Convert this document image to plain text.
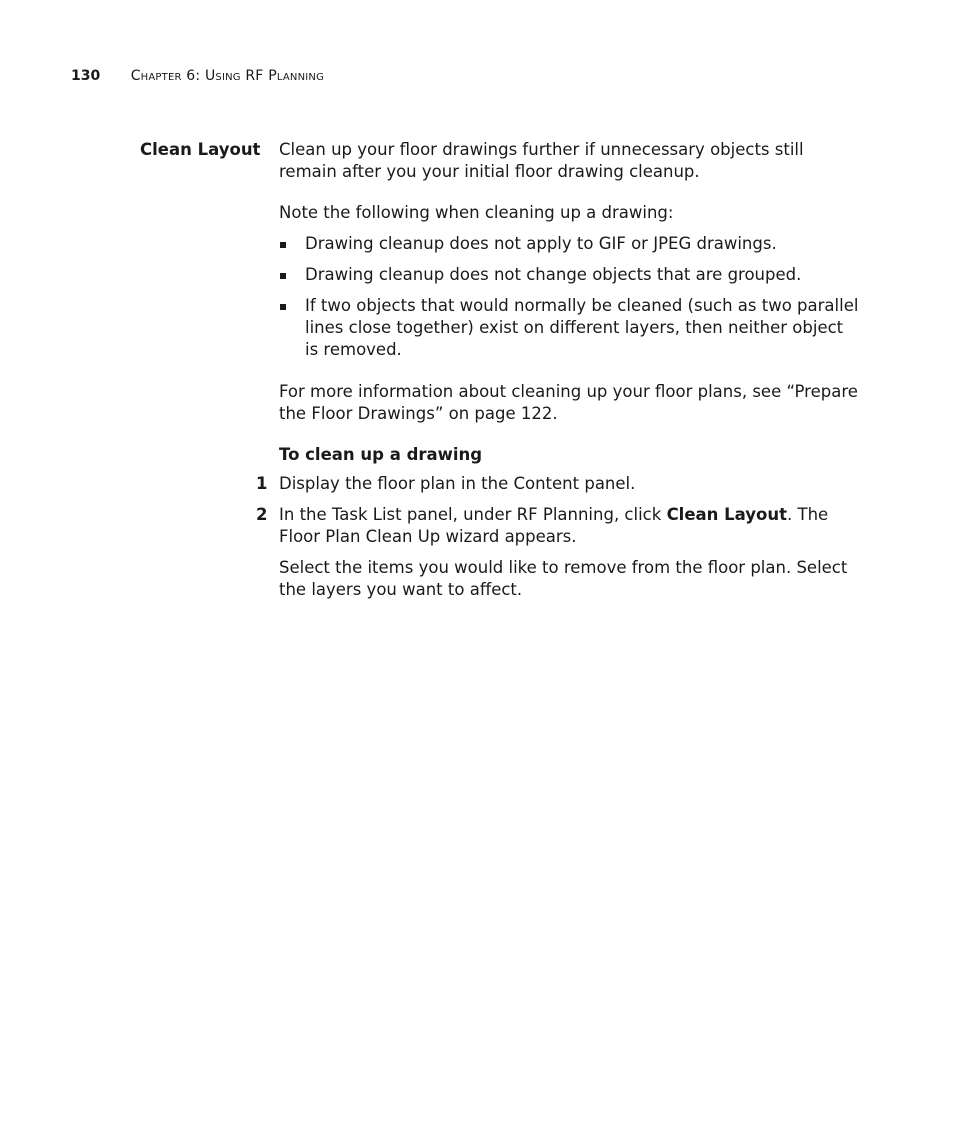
130 Chapter 6: Using RF Planning
Clean Layout Clean up your floor drawings further if unnecessary objects still remain after you your initial floor drawing cleanup.

Note the following when cleaning up a drawing:

Drawing cleanup does not apply to GIF or JPEG drawings.
Drawing cleanup does not change objects that are grouped.
If two objects that would normally be cleaned (such as two parallel lines close together) exist on different layers, then neither object is removed.

For more information about cleaning up your floor plans, see “Prepare the Floor Drawings” on page 122.

To clean up a drawing
1 Display the floor plan in the Content panel.

2 In the Task List panel, under RF Planning, click Clean Layout. The Floor Plan Clean Up wizard appears.

Select the items you would like to remove from the floor plan. Select the layers you want to affect.
